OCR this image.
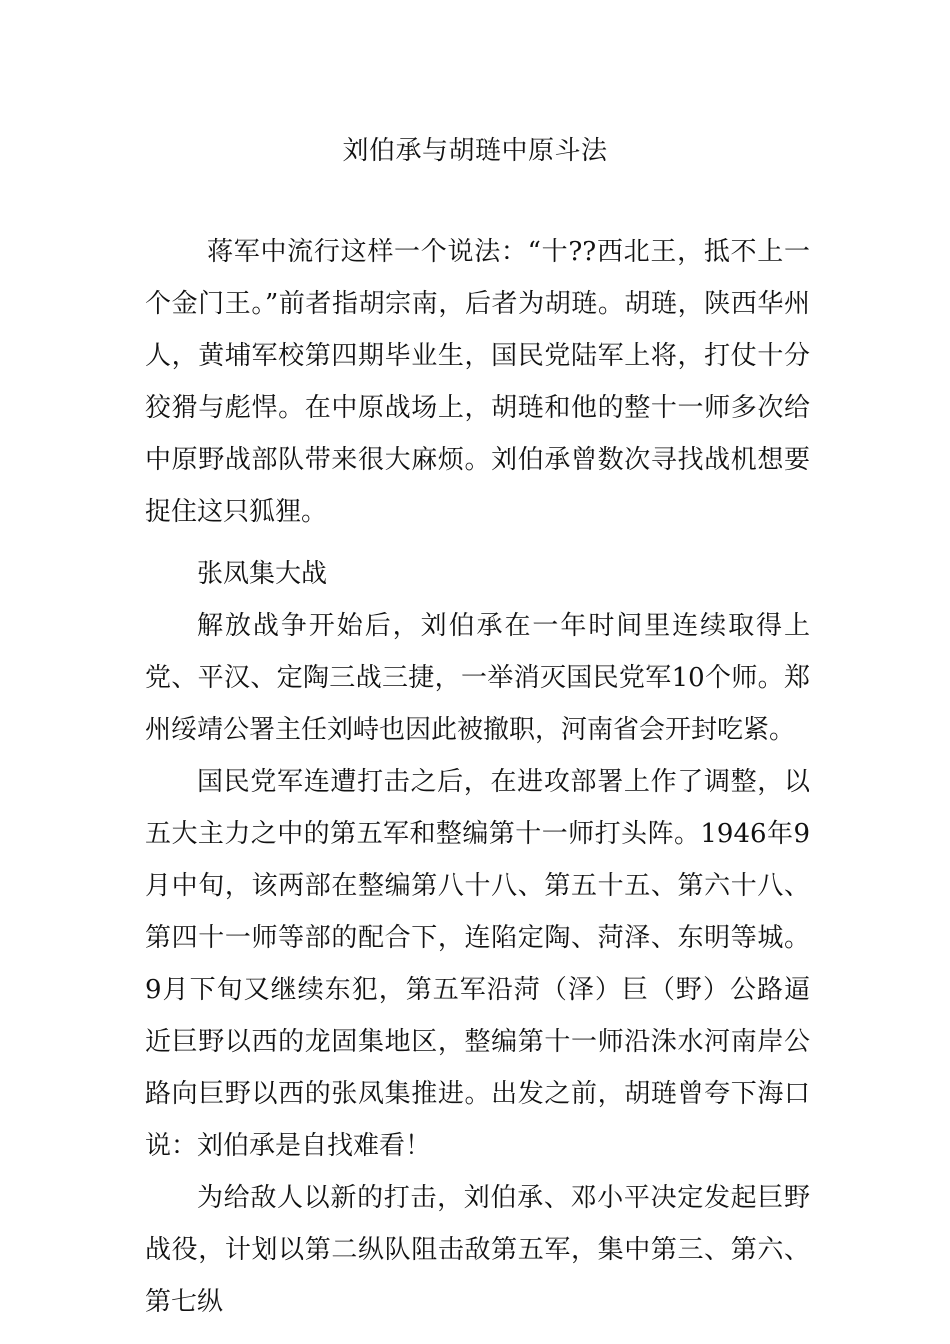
刘伯承与胡琏中原斗法

蒋军中流行这样一个说法：“十??西北王，抵不上一个金门王。”前者指胡宗南，后者为胡琏。胡琏，陕西华州人，黄埔军校第四期毕业生，国民党陆军上将，打仗十分狡猾与彪悍。在中原战场上，胡琏和他的整十一师多次给中原野战部队带来很大麻烦。刘伯承曾数次寻找战机想要捉住这只狐狸。

张凤集大战

解放战争开始后，刘伯承在一年时间里连续取得上党、平汉、定陶三战三捷，一举消灭国民党军10个师。郑州绥靖公署主任刘峙也因此被撤职，河南省会开封吃紧。

国民党军连遭打击之后，在进攻部署上作了调整，以五大主力之中的第五军和整编第十一师打头阵。1946年9月中旬，该两部在整编第八十八、第五十五、第六十八、第四十一师等部的配合下，连陷定陶、菏泽、东明等城。9月下旬又继续东犯，第五军沿菏（泽）巨（野）公路逼近巨野以西的龙固集地区，整编第十一师沿洙水河南岸公路向巨野以西的张凤集推进。出发之前，胡琏曾夸下海口说：刘伯承是自找难看！

为给敌人以新的打击，刘伯承、邓小平决定发起巨野战役，计划以第二纵队阻击敌第五军，集中第三、第六、第七纵
